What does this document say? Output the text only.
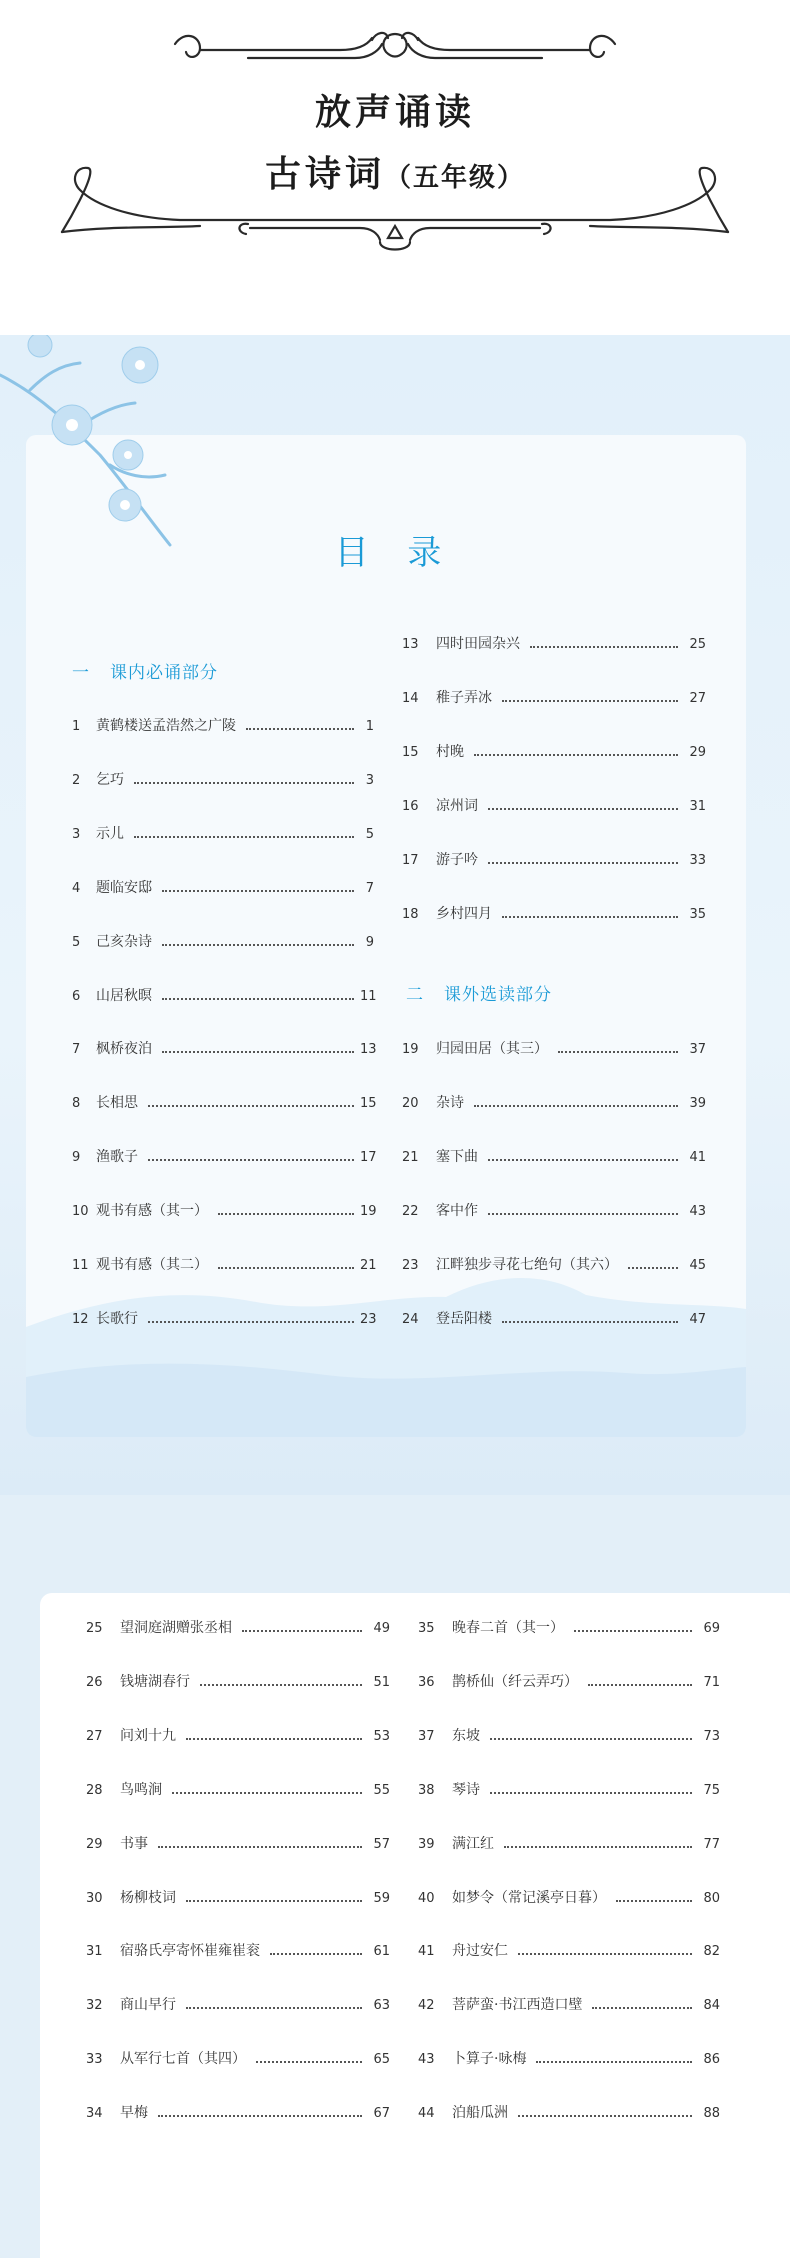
放声诵读
古诗词（五年级）
目 录
一 课内必诵部分
二 课外选读部分
1	黄鹤楼送孟浩然之广陵	1
2	乞巧	3
3	示儿	5
4	题临安邸	7
5	己亥杂诗	9
6	山居秋暝	11
7	枫桥夜泊	13
8	长相思	15
9	渔歌子	17
10 观书有感（其一）	19
11 观书有感（其二）	21
12 长歌行	23
13	四时田园杂兴	25
14	稚子弄冰	27
15	村晚	29
16	凉州词	31
17	游子吟	33
18	乡村四月	35
19	归园田居（其三）	37
20	杂诗	39
21	塞下曲	41
22	客中作	43
23	江畔独步寻花七绝句（其六）	45
24	登岳阳楼	47
25	望洞庭湖赠张丞相	49
26	钱塘湖春行	51
27	问刘十九	53
28	鸟鸣涧	55
29	书事	57
30	杨柳枝词	59
31	宿骆氏亭寄怀崔雍崔衮	61
32	商山早行	63
33	从军行七首（其四）	65
34	早梅	67
35	晚春二首（其一）	69
36	鹊桥仙（纤云弄巧）	71
37	东坡	73
38	琴诗	75
39	满江红	77
40	如梦令（常记溪亭日暮）	80
41	舟过安仁	82
42	菩萨蛮·书江西造口壁	84
43	卜算子·咏梅	86
44	泊船瓜洲	88
